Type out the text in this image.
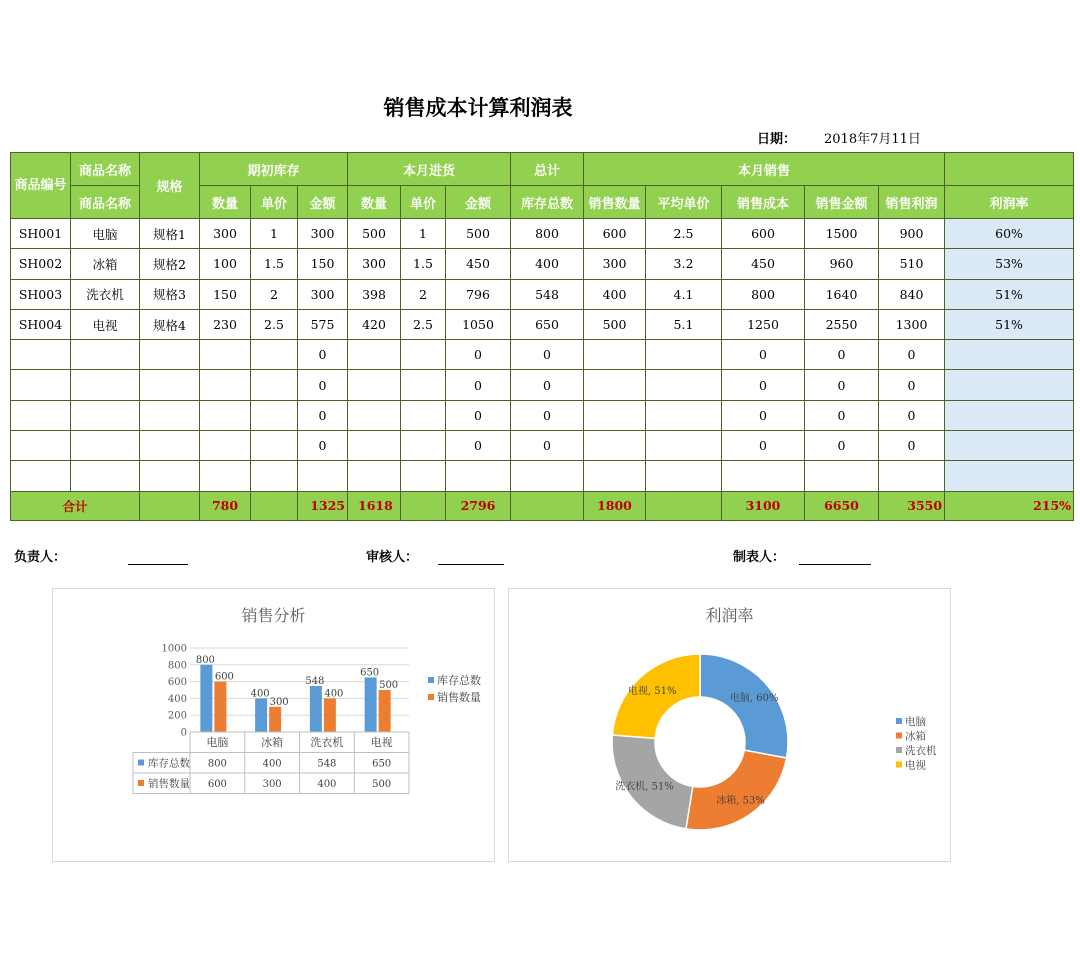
销售成本计算利润表
日期： 2018年7月11日
商品编号	商品名称	规格	期初库存			本月进货			总计	本月销售					
	商品名称		数量	单价	金额	数量	单价	金额	库存总数	销售数量	平均单价	销售成本	销售金额	销售利润	利润率
SH001	电脑	规格1	300	1	300	500	1	500	800	600	2.5	600	1500	900	60%
SH002	冰箱	规格2	100	1.5	150	300	1.5	450	400	300	3.2	450	960	510	53%
SH003	洗衣机	规格3	150	2	300	398	2	796	548	400	4.1	800	1640	840	51%
SH004	电视	规格4	230	2.5	575	420	2.5	1050	650	500	5.1	1250	2550	1300	51%
					0			0	0			0	0	0	
					0			0	0			0	0	0	
					0			0	0			0	0	0	
					0			0	0			0	0	0	

合计			780		1325	1618		2796		1800		3100	6650	3550	215%
负责人：	审核人：	制表人：
销售分析
0
200
400
600
800
1000
800
600
400
300
548
400
650
500
电脑	冰箱 洗衣机 电视
库存总数 800	400	548	650
销售数量 600	300	400	500
库存总数
销售数量
利润率
电脑, 60%
冰箱, 53%
洗衣机, 51%
电视, 51%
电脑
冰箱
洗衣机
电视
